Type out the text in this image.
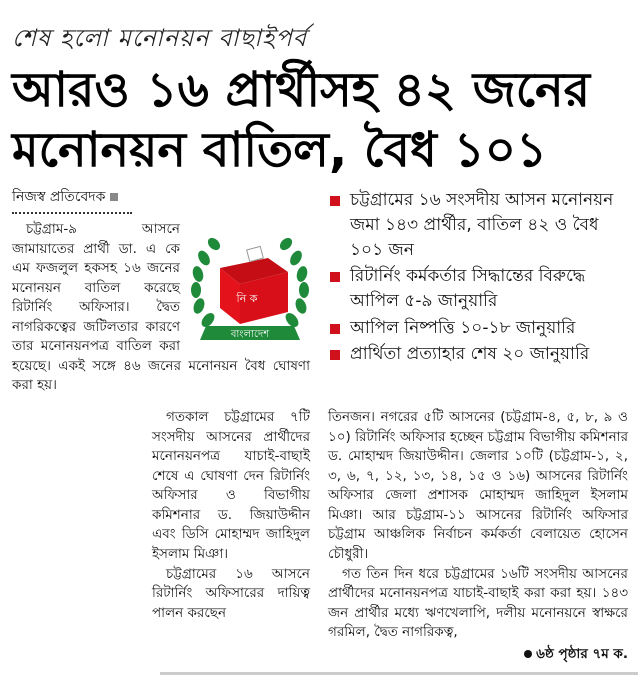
শেষ হলো মনোনয়ন বাছাইপর্ব
আরও ১৬ প্রার্থীসহ ৪২ জনের
মনোনয়ন বাতিল, বৈধ ১০১
নিজস্ব প্রতিবেদক
নি ক
বাংলাদেশ
চট্টগ্রাম-৯ আসনে জামায়াতের প্রার্থী ডা. এ কে এম ফজলুল হকসহ ১৬ জনের মনোনয়ন বাতিল করেছে রিটার্নিং অফিসার। দ্বৈত নাগরিকত্বের জটিলতার কারণে তার মনোনয়নপত্র বাতিল করা হয়েছে। একই সঙ্গে ৪৬ জনের মনোনয়ন বৈধ ঘোষণা করা হয়।
চট্টগ্রামের ১৬ সংসদীয় আসন মনোনয়ন জমা ১৪৩ প্রার্থীর, বাতিল ৪২ ও বৈধ ১০১ জন
রিটার্নিং কর্মকর্তার সিদ্ধান্তের বিরুদ্ধে আপিল ৫-৯ জানুয়ারি
আপিল নিষ্পত্তি ১০-১৮ জানুয়ারি
প্রার্থিতা প্রত্যাহার শেষ ২০ জানুয়ারি
গতকাল চট্টগ্রামের ৭টি সংসদীয় আসনের প্রার্থীদের মনোনয়নপত্র যাচাই-বাছাই শেষে এ ঘোষণা দেন রিটার্নিং অফিসার ও বিভাগীয় কমিশনার ড. জিয়াউদ্দীন এবং ডিসি মোহাম্মদ জাহিদুল ইসলাম মিঞা।
চট্টগ্রামের ১৬ আসনে রিটার্নিং অফিসারের দায়িত্ব পালন করছেন
তিনজন। নগরের ৫টি আসনের (চট্টগ্রাম-৪, ৫, ৮, ৯ ও ১০) রিটার্নিং অফিসার হচ্ছেন চট্টগ্রাম বিভাগীয় কমিশনার ড. মোহাম্মদ জিয়াউদ্দীন। জেলার ১০টি (চট্টগ্রাম-১, ২, ৩, ৬, ৭, ১২, ১৩, ১৪, ১৫ ও ১৬) আসনের রিটার্নিং অফিসার জেলা প্রশাসক মোহাম্মদ জাহিদুল ইসলাম মিঞা। আর চট্টগ্রাম-১১ আসনের রিটার্নিং অফিসার চট্টগ্রাম আঞ্চলিক নির্বাচন কর্মকর্তা বেলায়েত হোসেন চৌধুরী।
গত তিন দিন ধরে চট্টগ্রামের ১৬টি সংসদীয় আসনের প্রার্থীদের মনোনয়নপত্র যাচাই-বাছাই করা করা হয়। ১৪৩ জন প্রার্থীর মধ্যে ঋণখেলাপি, দলীয় মনোনয়নে স্বাক্ষরে গরমিল, দ্বৈত নাগরিকত্ব,
৬ষ্ঠ পৃষ্ঠার ৭ম ক.
